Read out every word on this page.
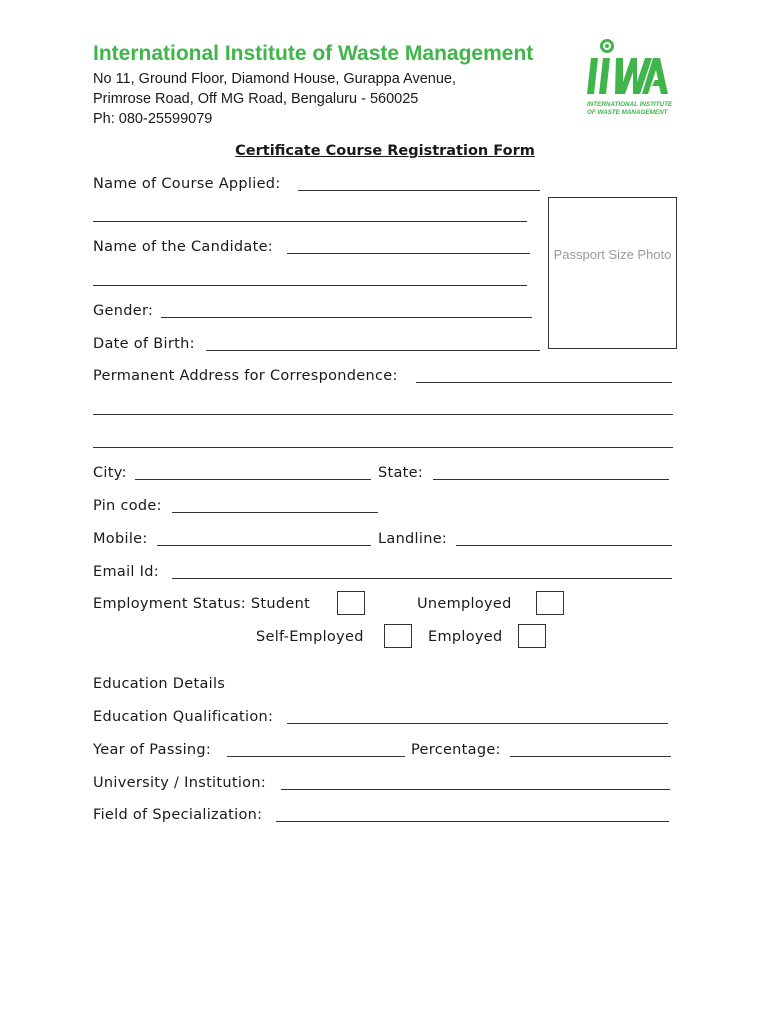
International Institute of Waste Management
No 11, Ground Floor, Diamond House, Gurappa Avenue,
Primrose Road, Off MG Road, Bengaluru - 560025
Ph: 080-25599079
INTERNATIONAL INSTITUTE
OF WASTE MANAGEMENT
Certificate Course Registration Form
Name of Course Applied:
Name of the Candidate:	Passport Size Photo
Gender:
Date of Birth:
Permanent Address for Correspondence:
City:	State:
Pin code:
Mobile:	Landline:
Email Id:
Employment Status: Student	Unemployed
Self-Employed	Employed
Education Details
Education Qualification:
Year of Passing:	Percentage:
University / Institution:
Field of Specialization:
